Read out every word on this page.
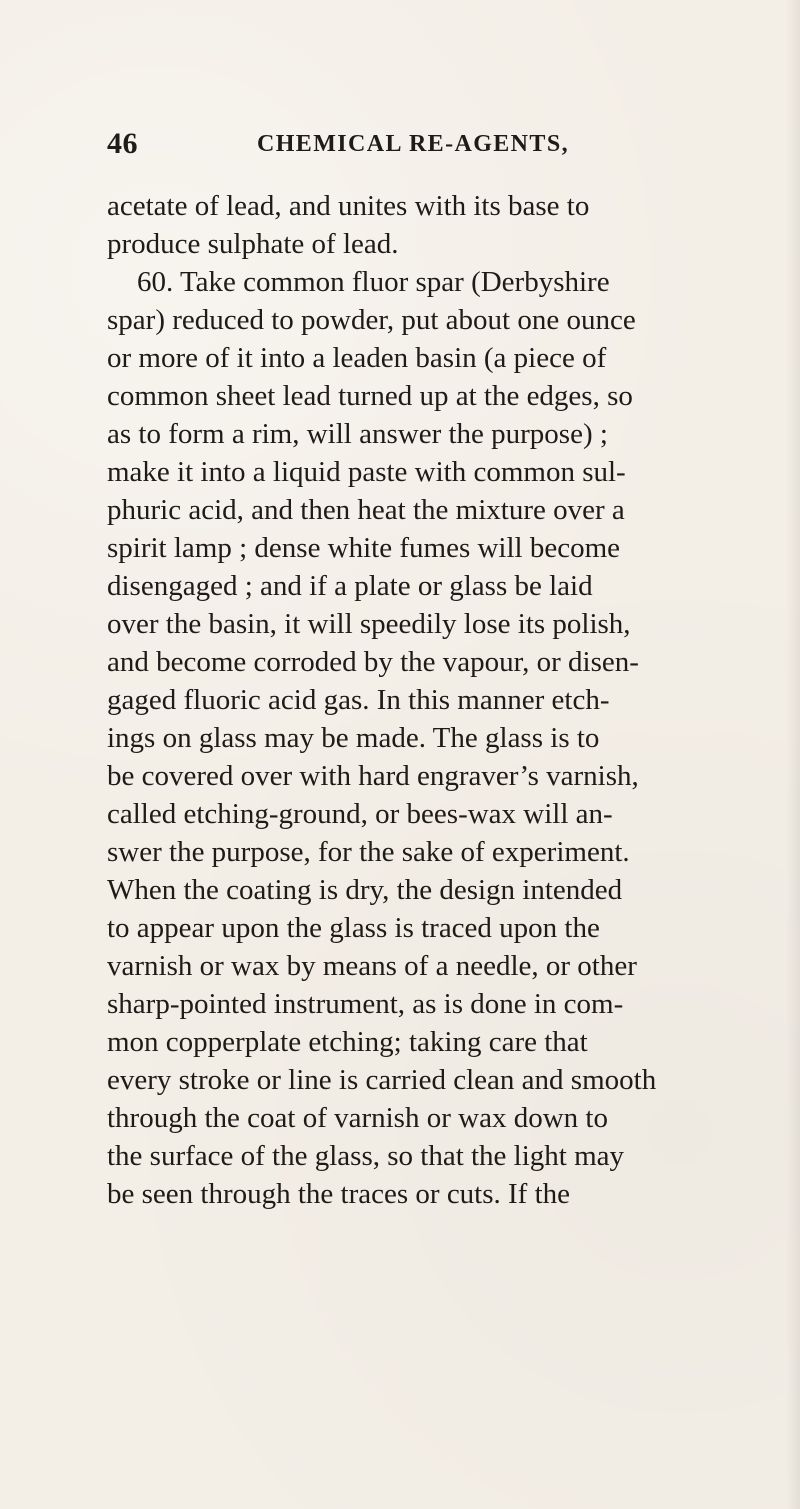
46	CHEMICAL RE-AGENTS,
acetate of lead, and unites with its base to
produce sulphate of lead.
60. Take common fluor spar (Derbyshire
spar) reduced to powder, put about one ounce
or more of it into a leaden basin (a piece of
common sheet lead turned up at the edges, so
as to form a rim, will answer the purpose) ;
make it into a liquid paste with common sul-
phuric acid, and then heat the mixture over a
spirit lamp ; dense white fumes will become
disengaged ; and if a plate or glass be laid
over the basin, it will speedily lose its polish,
and become corroded by the vapour, or disen-
gaged fluoric acid gas. In this manner etch-
ings on glass may be made. The glass is to
be covered over with hard engraver’s varnish,
called etching-ground, or bees-wax will an-
swer the purpose, for the sake of experiment.
When the coating is dry, the design intended
to appear upon the glass is traced upon the
varnish or wax by means of a needle, or other
sharp-pointed instrument, as is done in com-
mon copperplate etching; taking care that
every stroke or line is carried clean and smooth
through the coat of varnish or wax down to
the surface of the glass, so that the light may
be seen through the traces or cuts. If the
